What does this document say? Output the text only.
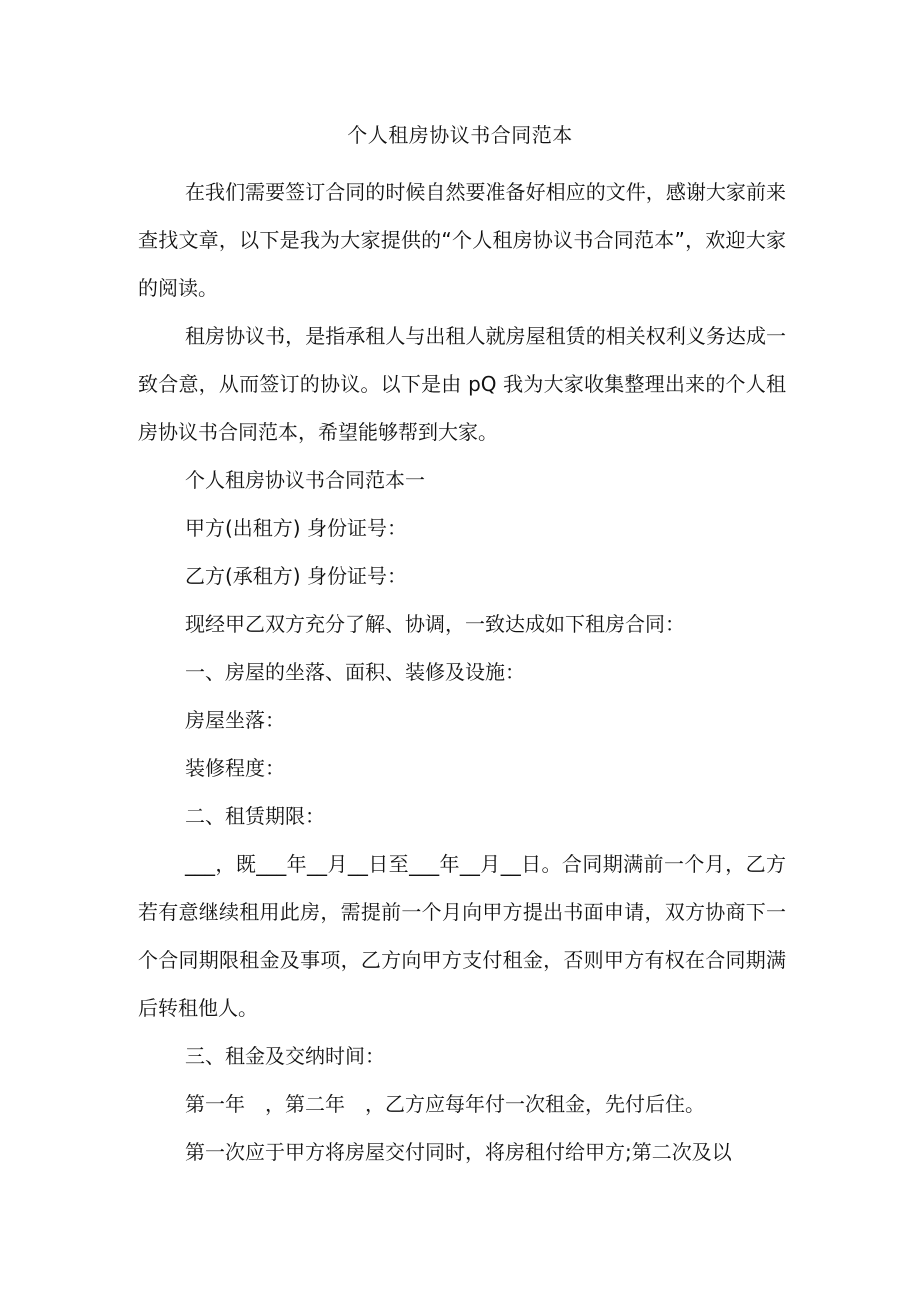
个人租房协议书合同范本

在我们需要签订合同的时候自然要准备好相应的文件，感谢大家前来查找文章，以下是我为大家提供的“个人租房协议书合同范本”，欢迎大家的阅读。

租房协议书，是指承租人与出租人就房屋租赁的相关权利义务达成一致合意，从而签订的协议。以下是由 pQ 我为大家收集整理出来的个人租房协议书合同范本，希望能够帮到大家。

个人租房协议书合同范本一

甲方(出租方) 身份证号：

乙方(承租方) 身份证号：

现经甲乙双方充分了解、协调，一致达成如下租房合同：

一、房屋的坐落、面积、装修及设施：

房屋坐落：

装修程度：

二、租赁期限：

___，既___年__月__日至___年__月__日。合同期满前一个月，乙方若有意继续租用此房，需提前一个月向甲方提出书面申请，双方协商下一个合同期限租金及事项，乙方向甲方支付租金，否则甲方有权在合同期满后转租他人。

三、租金及交纳时间：

第一年　，第二年　，乙方应每年付一次租金，先付后住。

第一次应于甲方将房屋交付同时，将房租付给甲方;第二次及以
